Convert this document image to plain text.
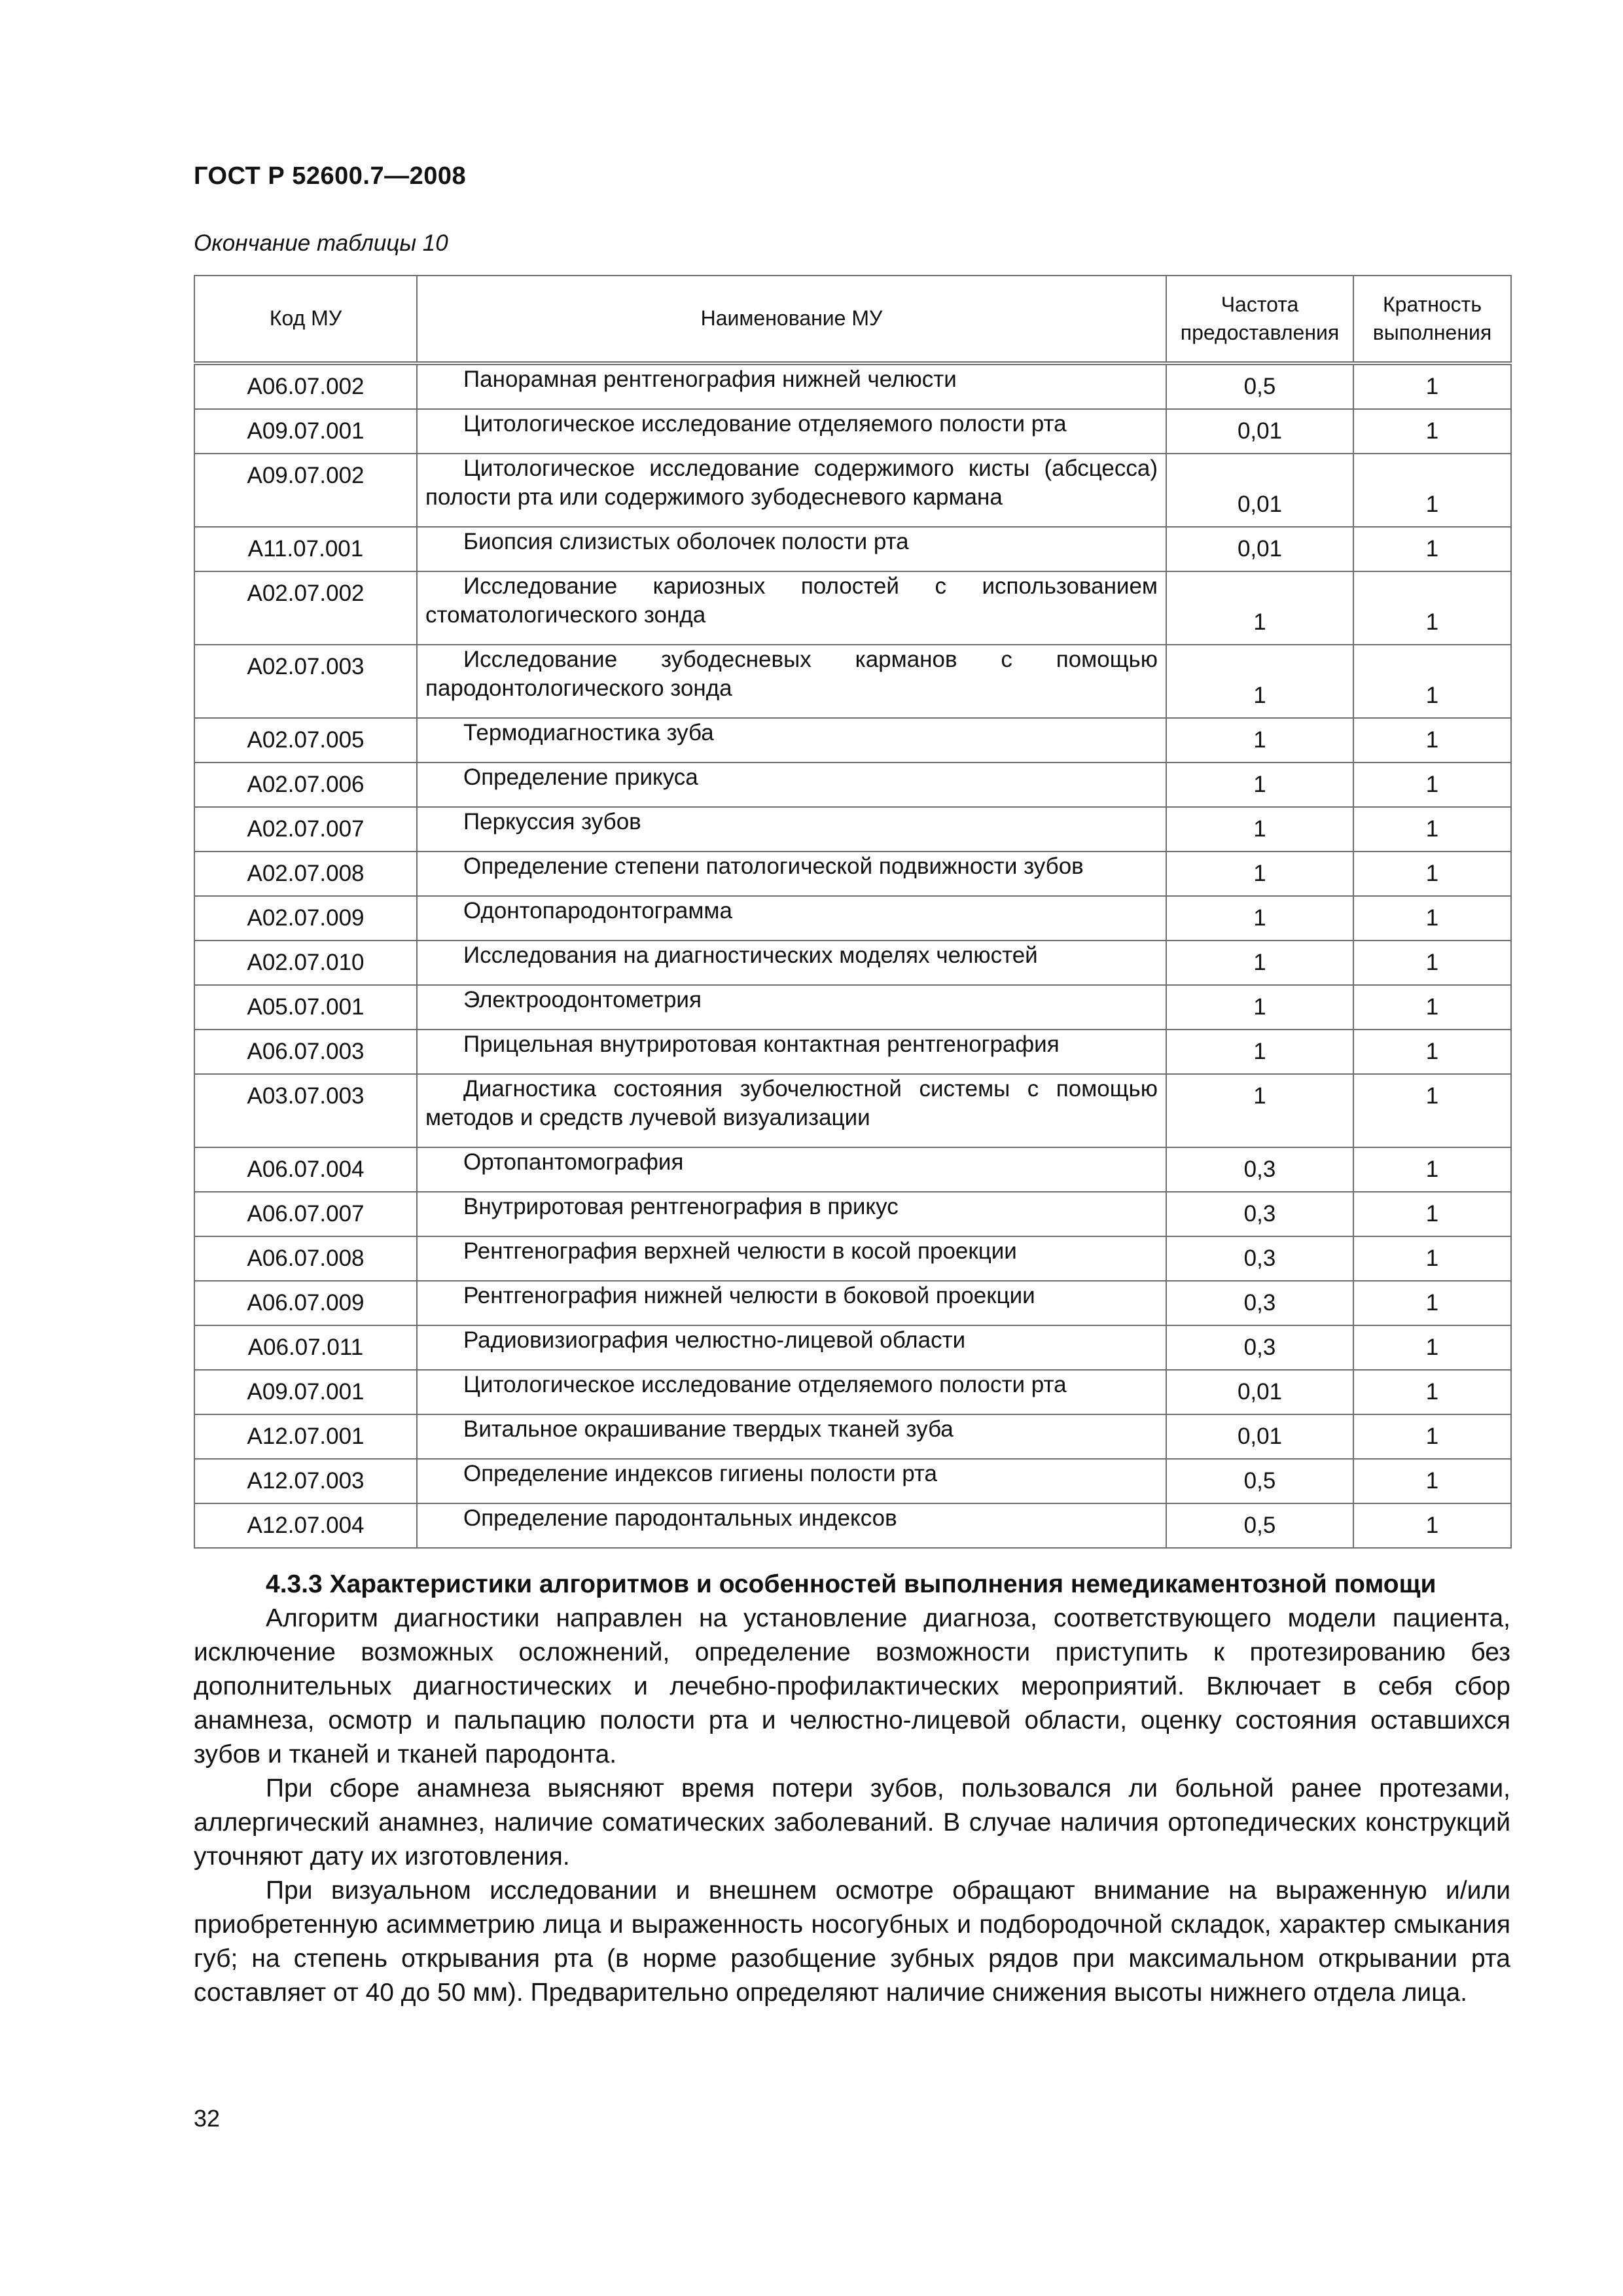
ГОСТ Р 52600.7—2008
Окончание таблицы 10
Код МУ	Наименование МУ	Частота предоставления	Кратность выполнения
A06.07.002	Панорамная рентгенография нижней челюсти	0,5	1
A09.07.001	Цитологическое исследование отделяемого полости рта	0,01	1
A09.07.002	Цитологическое исследование содержимого кисты (абсцесса) полости рта или содержимого зубодесневого кармана	0,01	1
A11.07.001	Биопсия слизистых оболочек полости рта	0,01	1
A02.07.002	Исследование кариозных полостей с использованием стоматологического зонда	1	1
A02.07.003	Исследование зубодесневых карманов с помощью пародонтологического зонда	1	1
A02.07.005	Термодиагностика зуба	1	1
A02.07.006	Определение прикуса	1	1
A02.07.007	Перкуссия зубов	1	1
A02.07.008	Определение степени патологической подвижности зубов	1	1
A02.07.009	Одонтопародонтограмма	1	1
A02.07.010	Исследования на диагностических моделях челюстей	1	1
A05.07.001	Электроодонтометрия	1	1
A06.07.003	Прицельная внутриротовая контактная рентгенография	1	1
A03.07.003	Диагностика состояния зубочелюстной системы с помощью методов и средств лучевой визуализации	1	1
A06.07.004	Ортопантомография	0,3	1
A06.07.007	Внутриротовая рентгенография в прикус	0,3	1
A06.07.008	Рентгенография верхней челюсти в косой проекции	0,3	1
A06.07.009	Рентгенография нижней челюсти в боковой проекции	0,3	1
A06.07.011	Радиовизиография челюстно-лицевой области	0,3	1
A09.07.001	Цитологическое исследование отделяемого полости рта	0,01	1
A12.07.001	Витальное окрашивание твердых тканей зуба	0,01	1
A12.07.003	Определение индексов гигиены полости рта	0,5	1
A12.07.004	Определение пародонтальных индексов	0,5	1

4.3.3 Характеристики алгоритмов и особенностей выполнения немедикаментозной помощи

Алгоритм диагностики направлен на установление диагноза, соответствующего модели пациента, исключение возможных осложнений, определение возможности приступить к протезированию без дополнительных диагностических и лечебно-профилактических мероприятий. Включает в себя сбор анамнеза, осмотр и пальпацию полости рта и челюстно-лицевой области, оценку состояния оставшихся зубов и тканей и тканей пародонта.

При сборе анамнеза выясняют время потери зубов, пользовался ли больной ранее протезами, аллергический анамнез, наличие соматических заболеваний. В случае наличия ортопедических конструкций уточняют дату их изготовления.

При визуальном исследовании и внешнем осмотре обращают внимание на выраженную и/или приобретенную асимметрию лица и выраженность носогубных и подбородочной складок, характер смыкания губ; на степень открывания рта (в норме разобщение зубных рядов при максимальном открывании рта составляет от 40 до 50 мм). Предварительно определяют наличие снижения высоты нижнего отдела лица.

32
